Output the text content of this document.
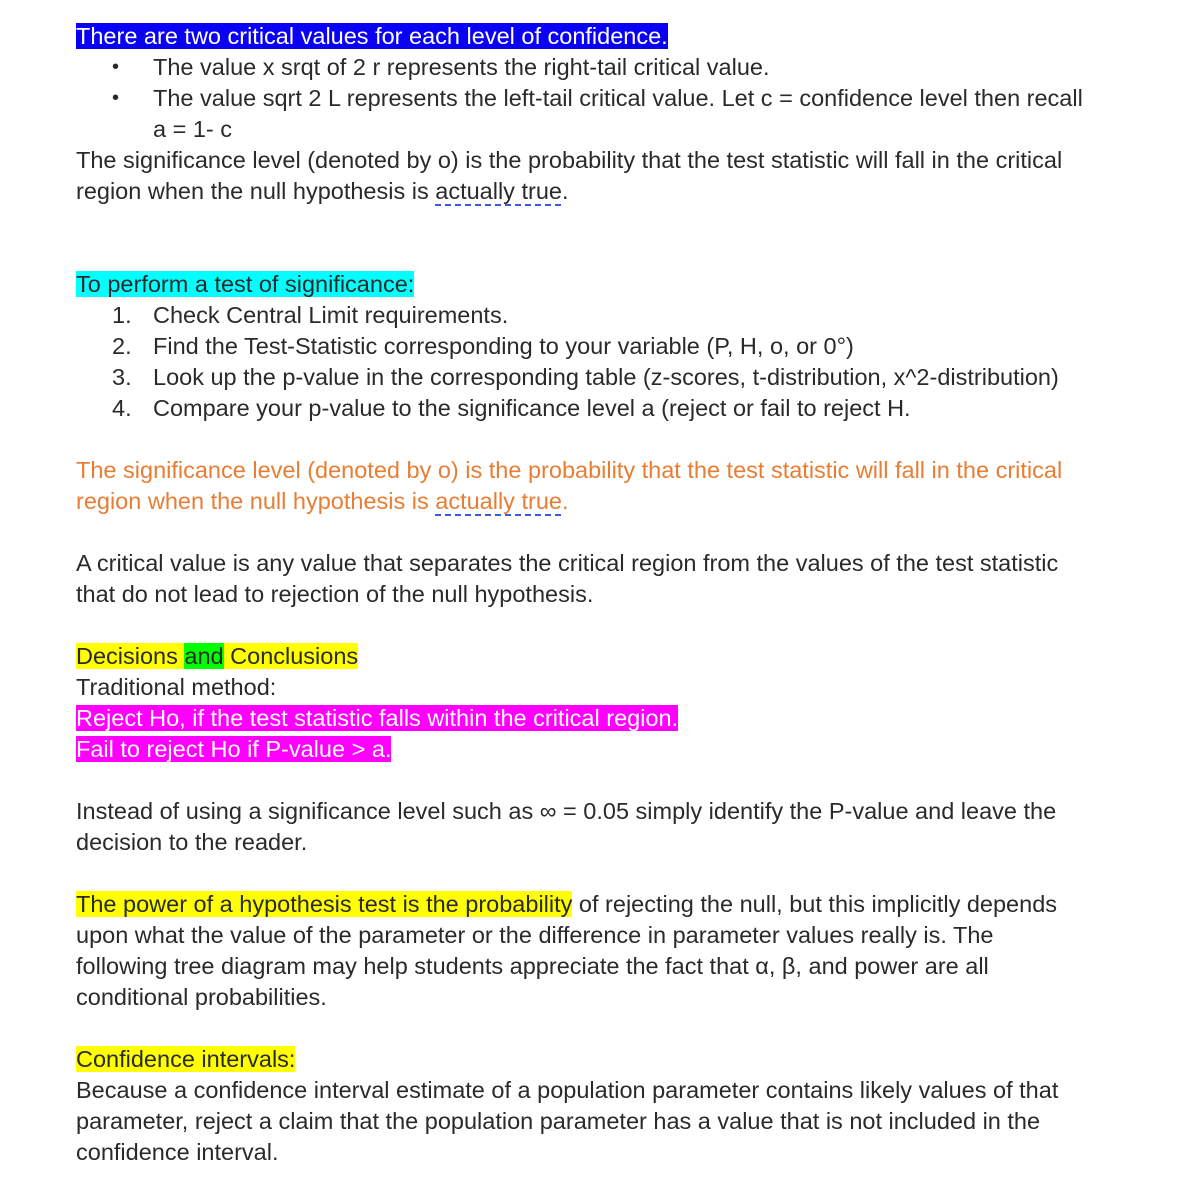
There are two critical values for each level of confidence.
• The value x srqt of 2 r represents the right-tail critical value.
• The value sqrt 2 L represents the left-tail critical value. Let c = confidence level then recall
a = 1- c
The significance level (denoted by o) is the probability that the test statistic will fall in the critical
region when the null hypothesis is actually true.
To perform a test of significance:
1. Check Central Limit requirements.
2. Find the Test-Statistic corresponding to your variable (P, H, o, or 0°)
3. Look up the p-value in the corresponding table (z-scores, t-distribution, x^2-distribution)
4. Compare your p-value to the significance level a (reject or fail to reject H.
The significance level (denoted by o) is the probability that the test statistic will fall in the critical
region when the null hypothesis is actually true.
A critical value is any value that separates the critical region from the values of the test statistic
that do not lead to rejection of the null hypothesis.
Decisions and Conclusions
Traditional method:
Reject Ho, if the test statistic falls within the critical region.
Fail to reject Ho if P-value > a.
Instead of using a significance level such as ∞ = 0.05 simply identify the P-value and leave the
decision to the reader.
The power of a hypothesis test is the probability of rejecting the null, but this implicitly depends
upon what the value of the parameter or the difference in parameter values really is. The
following tree diagram may help students appreciate the fact that α, β, and power are all
conditional probabilities.
Confidence intervals:
Because a confidence interval estimate of a population parameter contains likely values of that
parameter, reject a claim that the population parameter has a value that is not included in the
confidence interval.
